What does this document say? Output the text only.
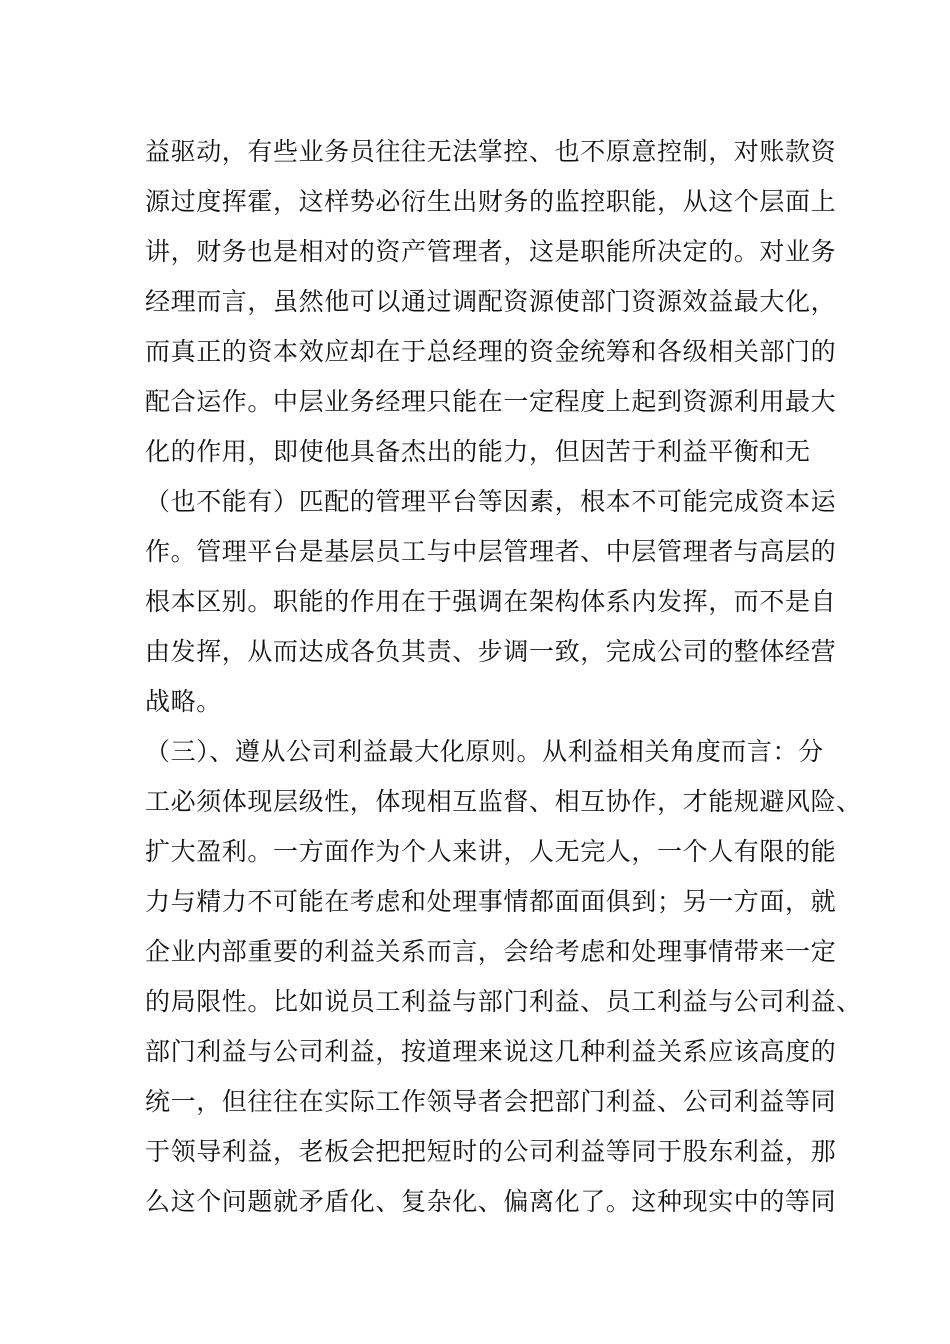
益驱动，有些业务员往往无法掌控、也不原意控制，对账款资
源过度挥霍，这样势必衍生出财务的监控职能，从这个层面上
讲，财务也是相对的资产管理者，这是职能所决定的。对业务
经理而言，虽然他可以通过调配资源使部门资源效益最大化，
而真正的资本效应却在于总经理的资金统筹和各级相关部门的
配合运作。中层业务经理只能在一定程度上起到资源利用最大
化的作用，即使他具备杰出的能力，但因苦于利益平衡和无
（也不能有）匹配的管理平台等因素，根本不可能完成资本运
作。管理平台是基层员工与中层管理者、中层管理者与高层的
根本区别。职能的作用在于强调在架构体系内发挥，而不是自
由发挥，从而达成各负其责、步调一致，完成公司的整体经营
战略。
（三）、遵从公司利益最大化原则。从利益相关角度而言：分
工必须体现层级性，体现相互监督、相互协作，才能规避风险、
扩大盈利。一方面作为个人来讲，人无完人，一个人有限的能
力与精力不可能在考虑和处理事情都面面俱到；另一方面，就
企业内部重要的利益关系而言，会给考虑和处理事情带来一定
的局限性。比如说员工利益与部门利益、员工利益与公司利益、
部门利益与公司利益，按道理来说这几种利益关系应该高度的
统一，但往往在实际工作领导者会把部门利益、公司利益等同
于领导利益，老板会把把短时的公司利益等同于股东利益，那
么这个问题就矛盾化、复杂化、偏离化了。这种现实中的等同
